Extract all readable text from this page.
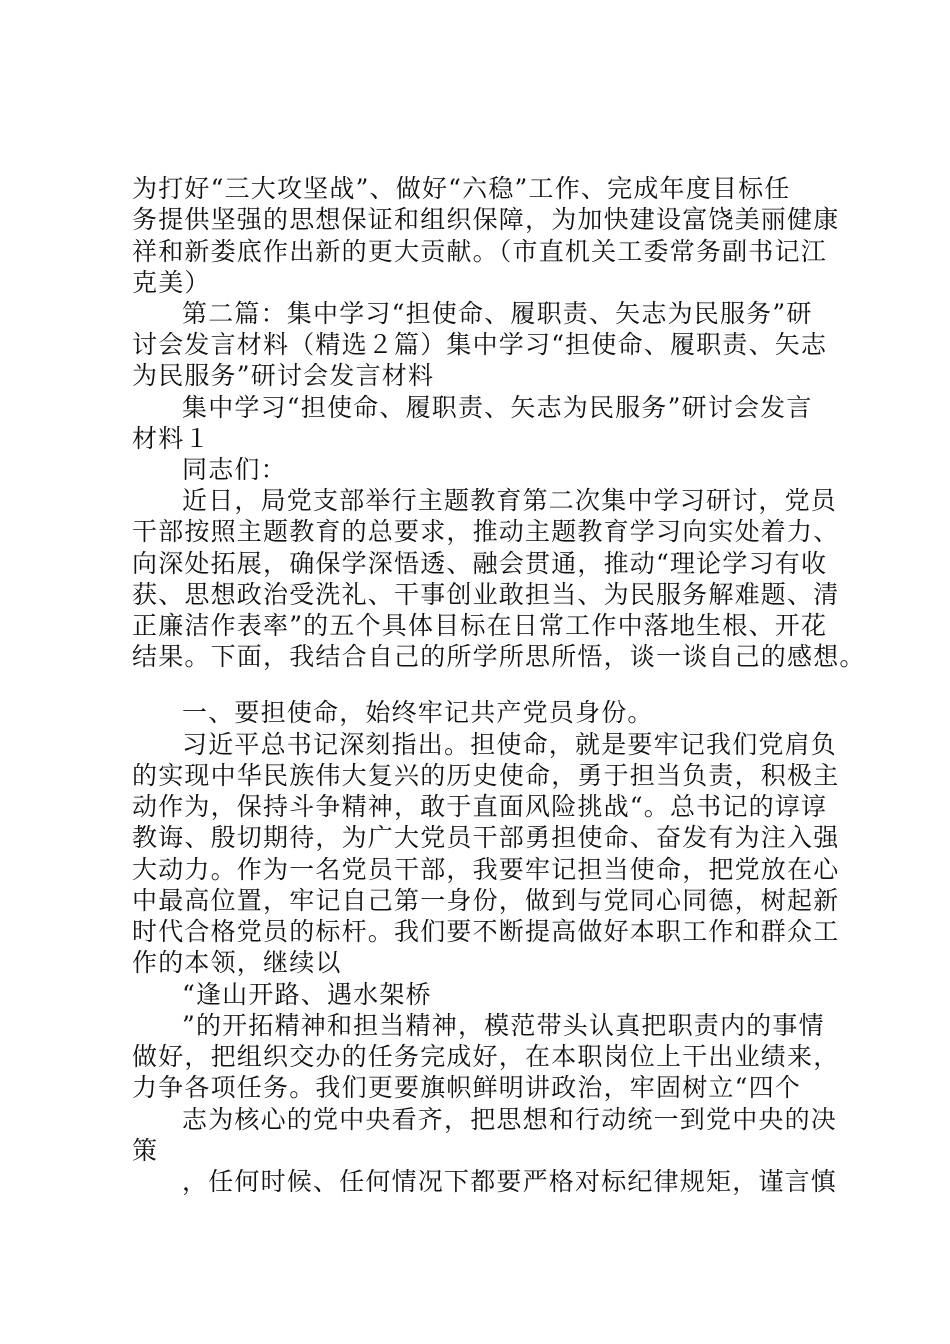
为打好“三大攻坚战”、做好“六稳”工作、完成年度目标任
务提供坚强的思想保证和组织保障，为加快建设富饶美丽健康
祥和新娄底作出新的更大贡献。（市直机关工委常务副书记江
克美）
第二篇：集中学习“担使命、履职责、矢志为民服务”研
讨会发言材料（精选２篇）集中学习“担使命、履职责、矢志
为民服务”研讨会发言材料
集中学习“担使命、履职责、矢志为民服务”研讨会发言
材料１
同志们：
近日，局党支部举行主题教育第二次集中学习研讨，党员
干部按照主题教育的总要求，推动主题教育学习向实处着力、
向深处拓展，确保学深悟透、融会贯通，推动“理论学习有收
获、思想政治受洗礼、干事创业敢担当、为民服务解难题、清
正廉洁作表率”的五个具体目标在日常工作中落地生根、开花
结果。下面，我结合自己的所学所思所悟，谈一谈自己的感想。
一、要担使命，始终牢记共产党员身份。
习近平总书记深刻指出。担使命，就是要牢记我们党肩负
的实现中华民族伟大复兴的历史使命，勇于担当负责，积极主
动作为，保持斗争精神，敢于直面风险挑战“。总书记的谆谆
教诲、殷切期待，为广大党员干部勇担使命、奋发有为注入强
大动力。作为一名党员干部，我要牢记担当使命，把党放在心
中最高位置，牢记自己第一身份，做到与党同心同德，树起新
时代合格党员的标杆。我们要不断提高做好本职工作和群众工
作的本领，继续以
“逢山开路、遇水架桥
”的开拓精神和担当精神，模范带头认真把职责内的事情
做好，把组织交办的任务完成好，在本职岗位上干出业绩来，
力争各项任务。我们更要旗帜鲜明讲政治，牢固树立“四个
志为核心的党中央看齐，把思想和行动统一到党中央的决
策
，任何时候、任何情况下都要严格对标纪律规矩，谨言慎
